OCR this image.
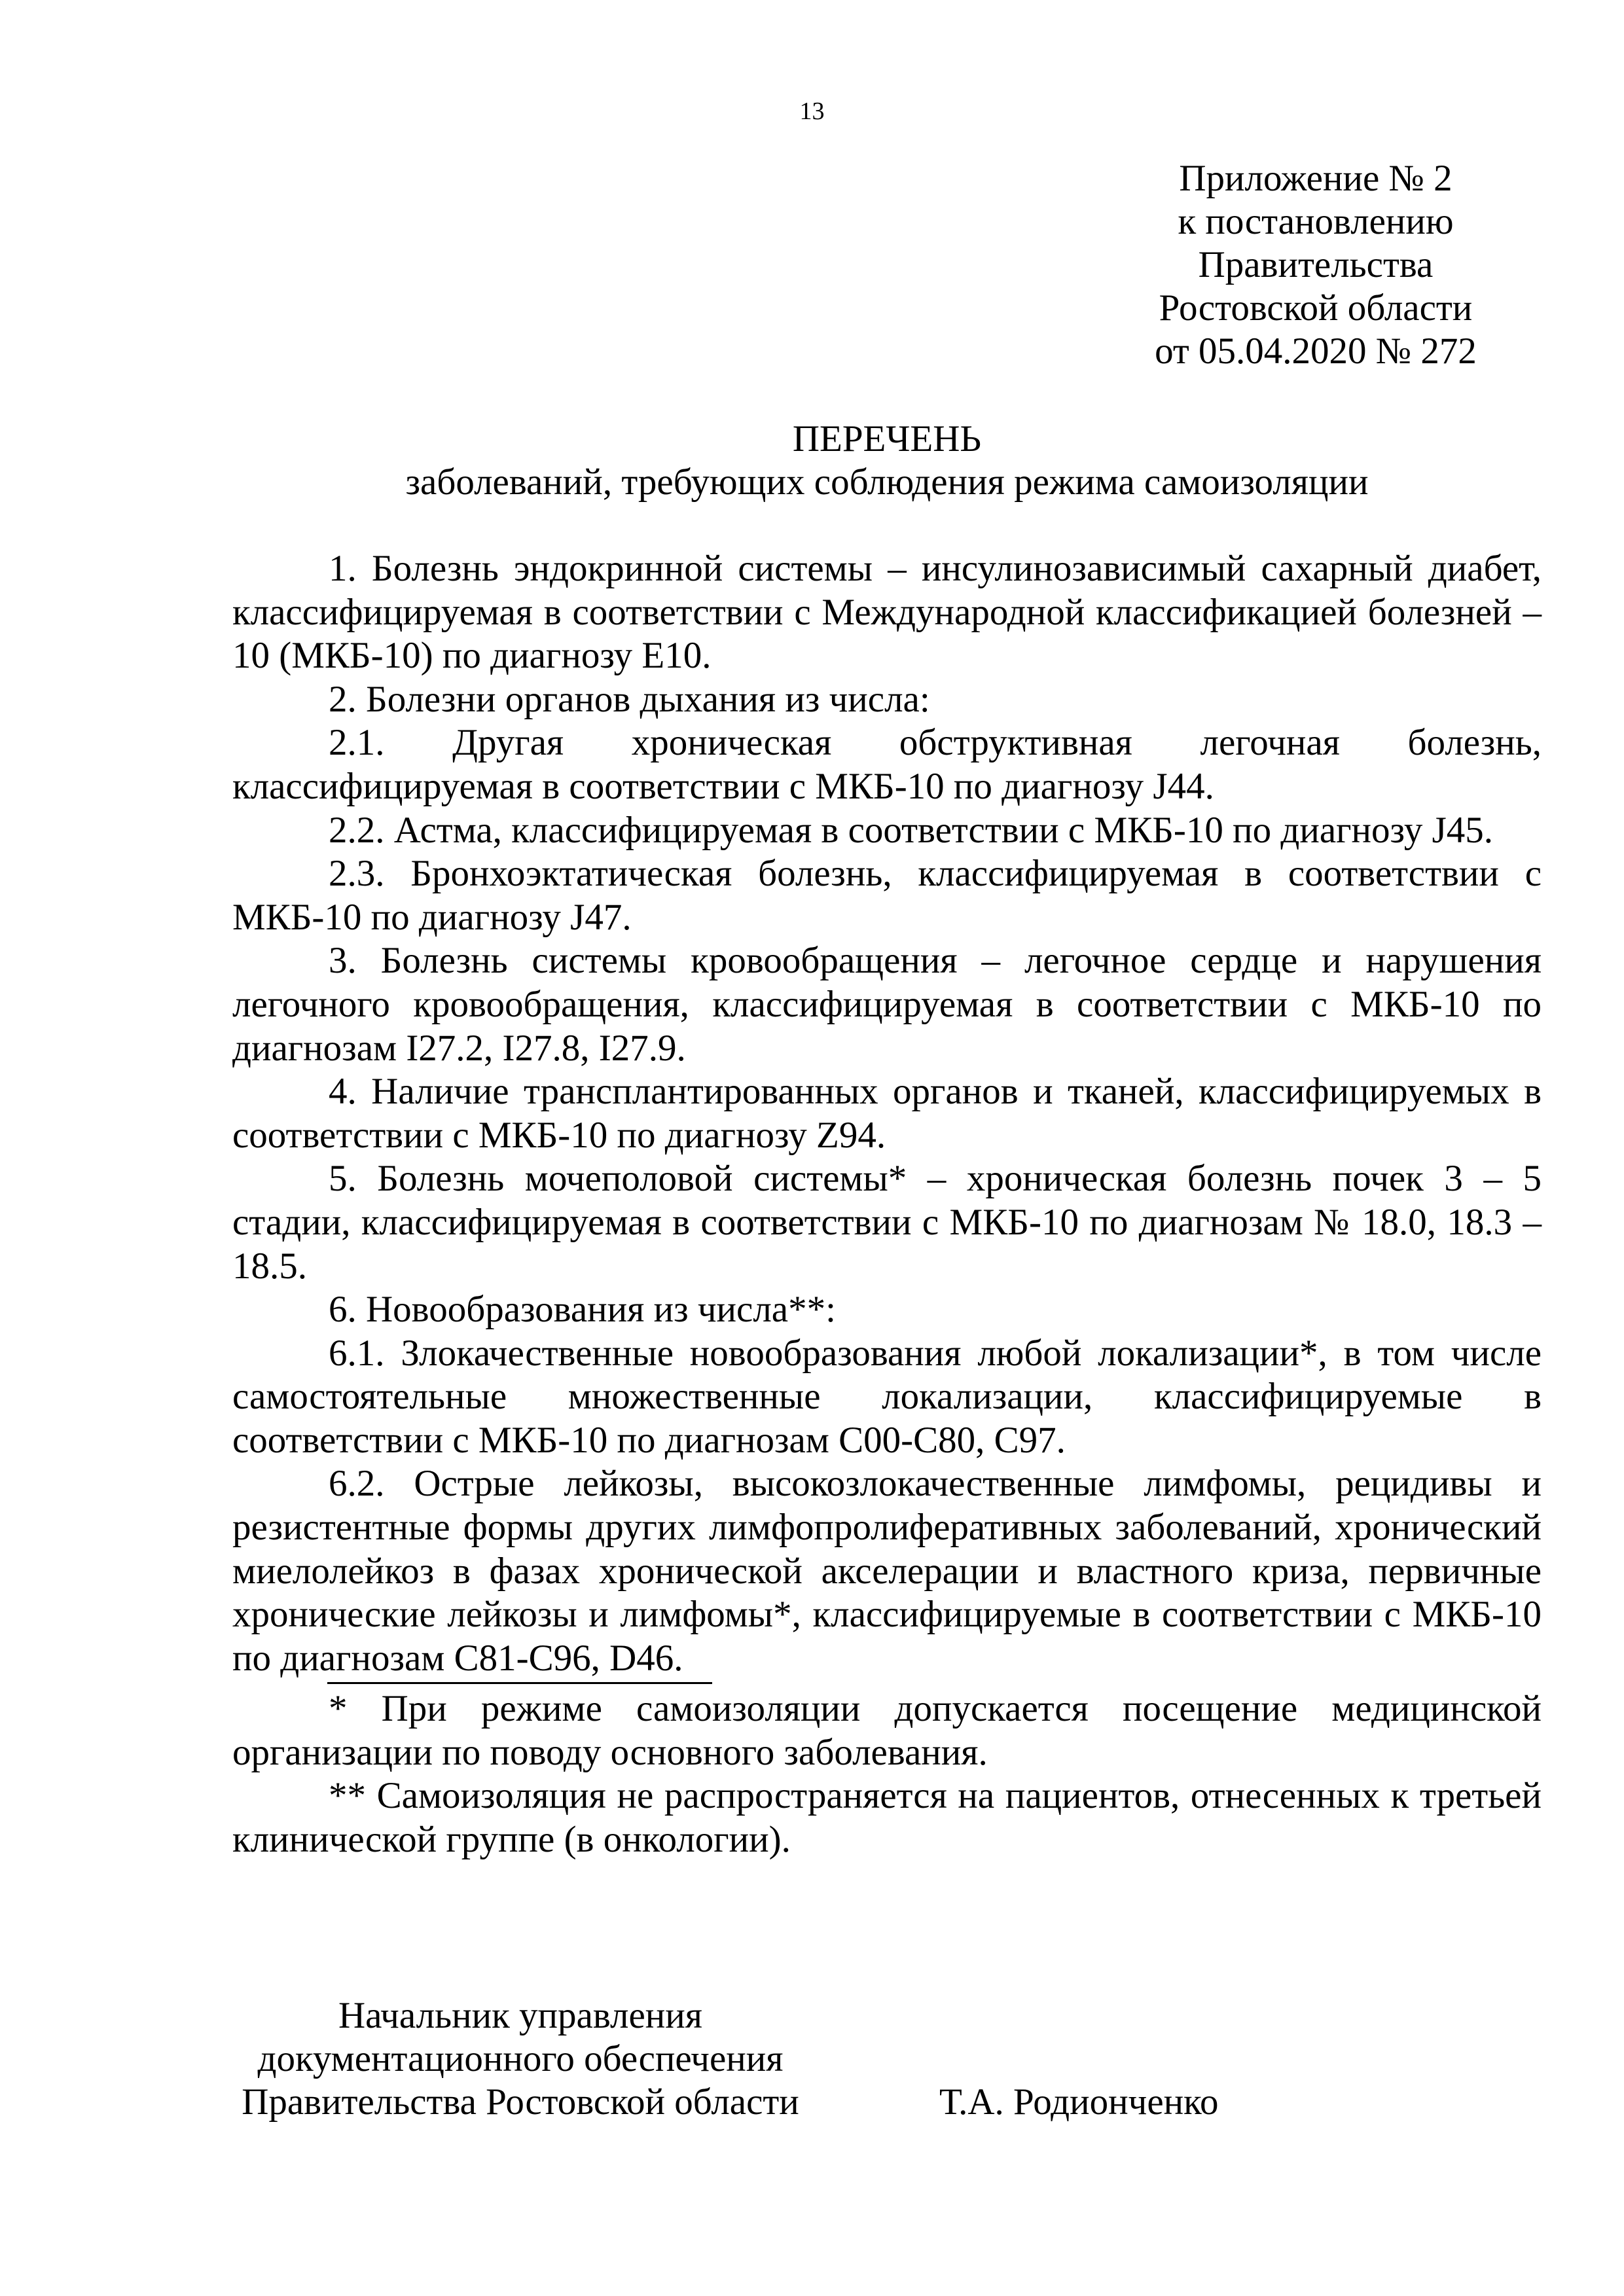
13
Приложение № 2
к постановлению
Правительства
Ростовской области
от 05.04.2020 № 272
ПЕРЕЧЕНЬ
заболеваний, требующих соблюдения режима самоизоляции

1. Болезнь эндокринной системы – инсулинозависимый сахарный диабет, классифицируемая в соответствии с Международной классификацией болезней – 10 (МКБ-10) по диагнозу Е10.

2. Болезни органов дыхания из числа:

2.1. Другая хроническая обструктивная легочная болезнь, классифицируемая в соответствии с МКБ-10 по диагнозу J44.

2.2. Астма, классифицируемая в соответствии с МКБ-10 по диагнозу J45.

2.3. Бронхоэктатическая болезнь, классифицируемая в соответствии с МКБ-10 по диагнозу J47.

3. Болезнь системы кровообращения – легочное сердце и нарушения легочного кровообращения, классифицируемая в соответствии с МКБ-10 по диагнозам I27.2, I27.8, I27.9.

4. Наличие трансплантированных органов и тканей, классифицируемых в соответствии с МКБ-10 по диагнозу Z94.

5. Болезнь мочеполовой системы* – хроническая болезнь почек 3 – 5 стадии, классифицируемая в соответствии с МКБ-10 по диагнозам № 18.0, 18.3 – 18.5.

6. Новообразования из числа**:

6.1. Злокачественные новообразования любой локализации*, в том числе самостоятельные множественные локализации, классифицируемые в соответствии с МКБ-10 по диагнозам С00-С80, С97.

6.2. Острые лейкозы, высокозлокачественные лимфомы, рецидивы и резистентные формы других лимфопролиферативных заболеваний, хронический миелолейкоз в фазах хронической акселерации и властного криза, первичные хронические лейкозы и лимфомы*, классифицируемые в соответствии с МКБ-10 по диагнозам С81-С96, D46.

* При режиме самоизоляции допускается посещение медицинской организации по поводу основного заболевания.

** Самоизоляция не распространяется на пациентов, отнесенных к третьей клинической группе (в онкологии).

Начальник управления
документационного обеспечения
Правительства Ростовской области	Т.А. Родионченко
